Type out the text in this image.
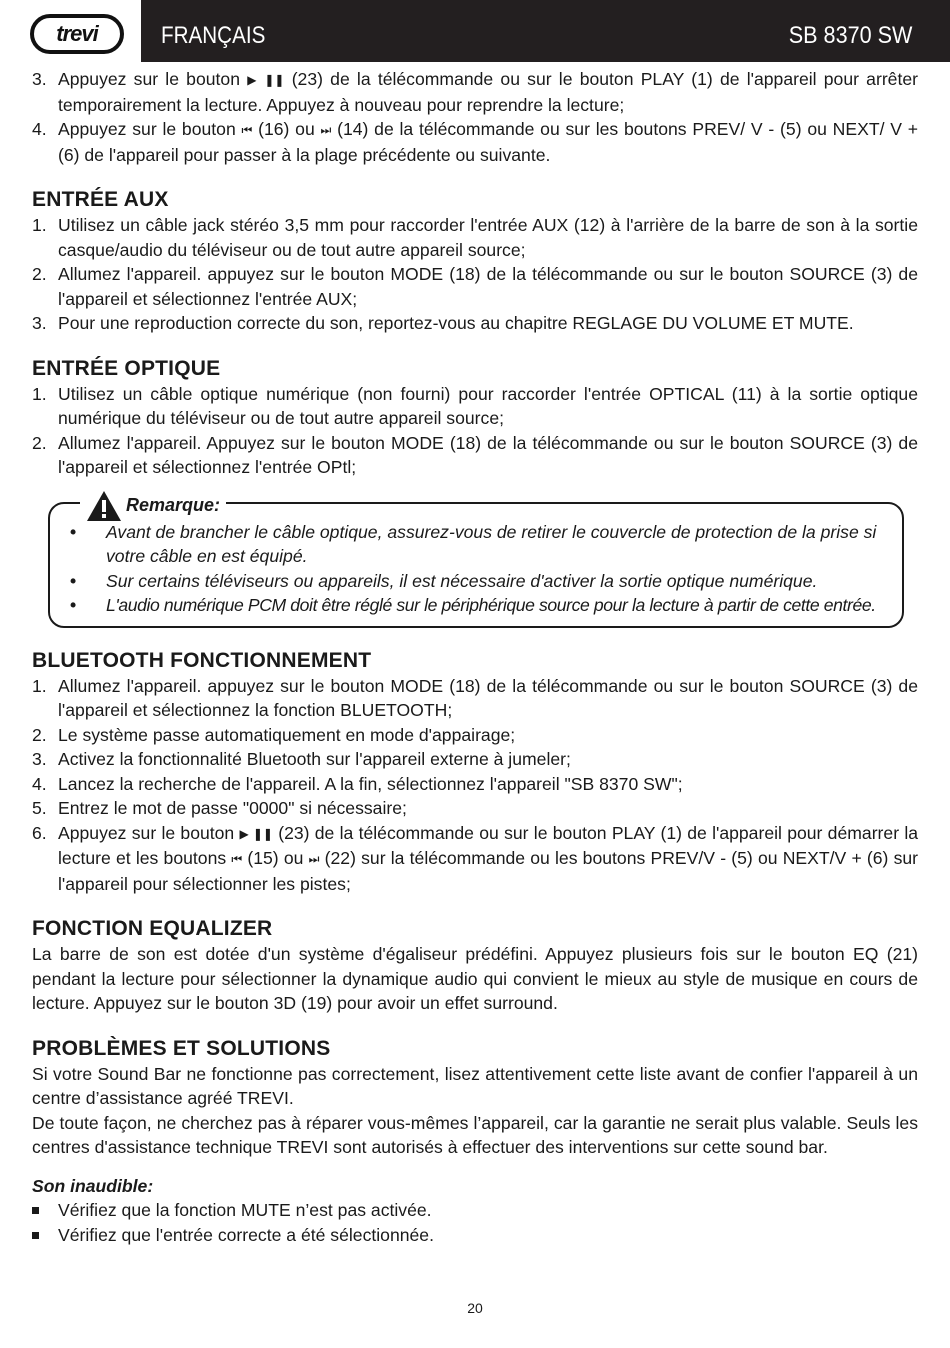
trevi	FRANÇAIS	SB 8370 SW
3. Appuyez sur le bouton ▶ ❚❚ (23) de la télécommande ou sur le bouton PLAY (1) de l'appareil pour arrêter temporairement la lecture. Appuyez à nouveau pour reprendre la lecture;
4. Appuyez sur le bouton ⏮ (16) ou ⏭ (14) de la télécommande ou sur les boutons PREV/ V - (5) ou NEXT/ V + (6) de l'appareil pour passer à la plage précédente ou suivante.
ENTRÉE AUX
1. Utilisez un câble jack stéréo 3,5 mm pour raccorder l'entrée AUX (12) à l'arrière de la barre de son à la sortie casque/audio du téléviseur ou de tout autre appareil source;
2. Allumez l'appareil. appuyez sur le bouton MODE (18) de la télécommande ou sur le bouton SOURCE (3) de l'appareil et sélectionnez l'entrée AUX;
3. Pour une reproduction correcte du son, reportez-vous au chapitre REGLAGE DU VOLUME ET MUTE.
ENTRÉE OPTIQUE
1. Utilisez un câble optique numérique (non fourni) pour raccorder l'entrée OPTICAL (11) à la sortie optique numérique du téléviseur ou de tout autre appareil source;
2. Allumez l'appareil. Appuyez sur le bouton MODE (18) de la télécommande ou sur le bouton SOURCE (3) de l'appareil et sélectionnez l'entrée OPtl;
Remarque:
• Avant de brancher le câble optique, assurez-vous de retirer le couvercle de protection de la prise si votre câble en est équipé.
• Sur certains téléviseurs ou appareils, il est nécessaire d'activer la sortie optique numérique.
• L'audio numérique PCM doit être réglé sur le périphérique source pour la lecture à partir de cette entrée.
BLUETOOTH FONCTIONNEMENT
1. Allumez l'appareil. appuyez sur le bouton MODE (18) de la télécommande ou sur le bouton SOURCE (3) de l'appareil et sélectionnez la fonction BLUETOOTH;
2. Le système passe automatiquement en mode d'appairage;
3. Activez la fonctionnalité Bluetooth sur l'appareil externe à jumeler;
4. Lancez la recherche de l'appareil. A la fin, sélectionnez l'appareil "SB 8370 SW";
5. Entrez le mot de passe "0000" si nécessaire;
6. Appuyez sur le bouton ▶ ❚❚ (23) de la télécommande ou sur le bouton PLAY (1) de l'appareil pour démarrer la lecture et les boutons ⏮ (15) ou ⏭ (22) sur la télécommande ou les boutons PREV/V - (5) ou NEXT/V + (6) sur l'appareil pour sélectionner les pistes;
FONCTION EQUALIZER
La barre de son est dotée d'un système d'égaliseur prédéfini. Appuyez plusieurs fois sur le bouton EQ (21) pendant la lecture pour sélectionner la dynamique audio qui convient le mieux au style de musique en cours de lecture. Appuyez sur le bouton 3D (19) pour avoir un effet surround.
PROBLÈMES ET SOLUTIONS
Si votre Sound Bar ne fonctionne pas correctement, lisez attentivement cette liste avant de confier l'appareil à un centre d’assistance agréé TREVI.
De toute façon, ne cherchez pas à réparer vous-mêmes l’appareil, car la garantie ne serait plus valable. Seuls les centres d'assistance technique TREVI sont autorisés à effectuer des interventions sur cette sound bar.
Son inaudible:
Vérifiez que la fonction MUTE n’est pas activée.
Vérifiez que l'entrée correcte a été sélectionnée.
20
